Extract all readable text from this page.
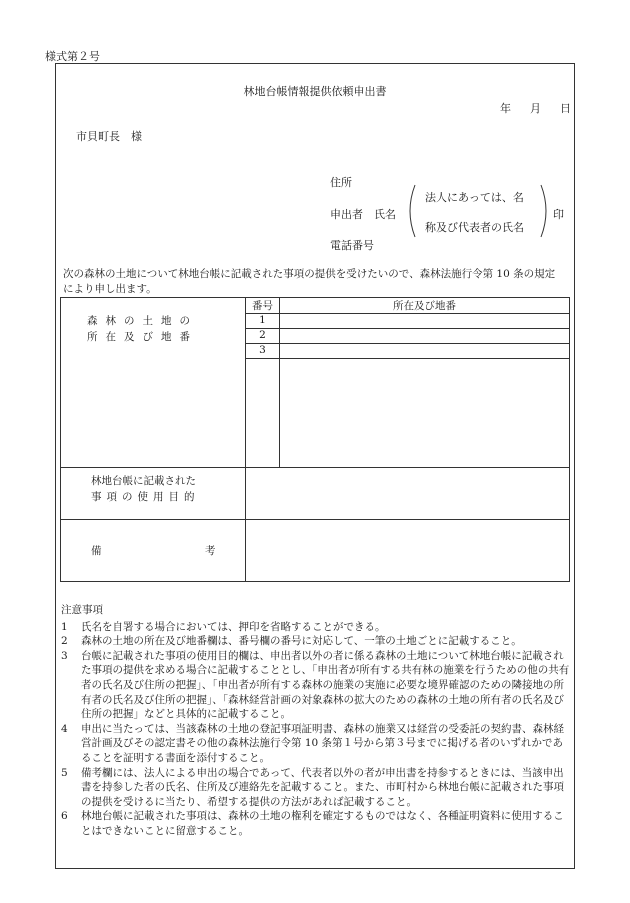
様式第２号
林地台帳情報提供依頼申出書
年 月 日
市貝町長　様
住所
申出者　氏名
法人にあっては、名
称及び代表者の氏名
印
電話番号
次の森林の土地について林地台帳に記載された事項の提供を受けたいので、森林法施行令第 10 条の規定により申し出ます。
森林の土地の
所在及び地番	番号	所在及び地番
	1	
	2	
	3	

林地台帳に記載された
事項の使用目的		

備 考		
注意事項
1	氏名を自署する場合においては、押印を省略することができる。
2	森林の土地の所在及び地番欄は、番号欄の番号に対応して、一筆の土地ごとに記載すること。
3	台帳に記載された事項の使用目的欄は、申出者以外の者に係る森林の土地について林地台帳に記載された事項の提供を求める場合に記載することとし、「申出者が所有する共有林の施業を行うための他の共有者の氏名及び住所の把握」、「申出者が所有する森林の施業の実施に必要な境界確認のための隣接地の所有者の氏名及び住所の把握」、「森林経営計画の対象森林の拡大のための森林の土地の所有者の氏名及び住所の把握」などと具体的に記載すること。
4	申出に当たっては、当該森林の土地の登記事項証明書、森林の施業又は経営の受委託の契約書、森林経営計画及びその認定書その他の森林法施行令第 10 条第１号から第３号までに掲げる者のいずれかであることを証明する書面を添付すること。
5	備考欄には、法人による申出の場合であって、代表者以外の者が申出書を持参するときには、当該申出書を持参した者の氏名、住所及び連絡先を記載すること。また、市町村から林地台帳に記載された事項の提供を受けるに当たり、希望する提供の方法があれば記載すること。
6	林地台帳に記載された事項は、森林の土地の権利を確定するものではなく、各種証明資料に使用することはできないことに留意すること。
